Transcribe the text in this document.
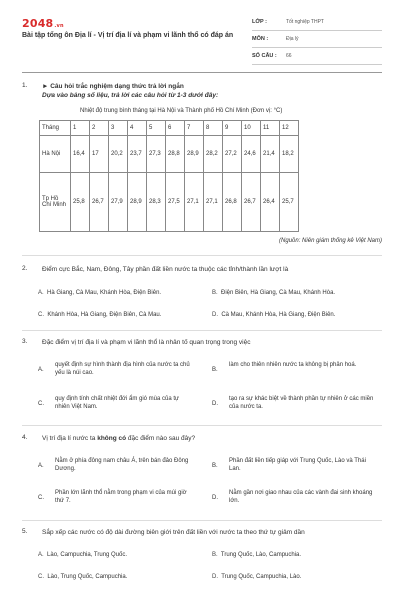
2048.vn
Bài tập tổng ôn Địa lí - Vị trí địa lí và phạm vi lãnh thổ có đáp án
LỚP :	Tốt nghiệp THPT
MÔN :	Địa lý
SỐ CÂU :	66
1. ► Câu hỏi trắc nghiệm dạng thức trả lời ngắn
Dựa vào bảng số liệu, trả lời các câu hỏi từ 1-3 dưới đây:
Nhiệt độ trung bình tháng tại Hà Nội và Thành phố Hồ Chí Minh (Đơn vị: °C)
Tháng	1	2	3	4	5	6	7	8	9	10	11	12
Hà Nội	16,4	17	20,2	23,7	27,3	28,8	28,9	28,2	27,2	24,6	21,4	18,2
Tp Hồ Chí Minh	25,8	26,7	27,9	28,9	28,3	27,5	27,1	27,1	26,8	26,7	26,4	25,7
(Nguồn: Niên giám thống kê Việt Nam)
2. Điểm cực Bắc, Nam, Đông, Tây phần đất liền nước ta thuộc các tỉnh/thành lần lượt là
A. Hà Giang, Cà Mau, Khánh Hòa, Điện Biên.	B. Điện Biên, Hà Giang, Cà Mau, Khánh Hòa.
C. Khánh Hòa, Hà Giang, Điện Biên, Cà Mau.	D. Cà Mau, Khánh Hòa, Hà Giang, Điện Biên.
3. Đặc điểm vị trí địa lí và phạm vi lãnh thổ là nhân tố quan trọng trong việc
A.
quyết định sự hình thành địa hình của nước ta chủ yếu là núi cao.	B.
làm cho thiên nhiên nước ta không bị phân hoá.
C.
quy định tính chất nhiệt đới ẩm gió mùa của tự nhiên Việt Nam.	D.
tạo ra sự khác biệt về thành phần tự nhiên ở các miền của nước ta.
4. Vị trí địa lí nước ta không có đặc điểm nào sau đây?
A.
Nằm ở phía đông nam châu Á, trên bán đảo Đông Dương.	B.
Phần đất liền tiếp giáp với Trung Quốc, Lào và Thái Lan.
C.
Phần lớn lãnh thổ nằm trong phạm vi của múi giờ thứ 7.	D.
Nằm gần nơi giao nhau của các vành đai sinh khoáng lớn.
5. Sắp xếp các nước có độ dài đường biên giới trên đất liền với nước ta theo thứ tự giảm dần
A. Lào, Campuchia, Trung Quốc.	B. Trung Quốc, Lào, Campuchia.
C. Lào, Trung Quốc, Campuchia.	D. Trung Quốc, Campuchia, Lào.
